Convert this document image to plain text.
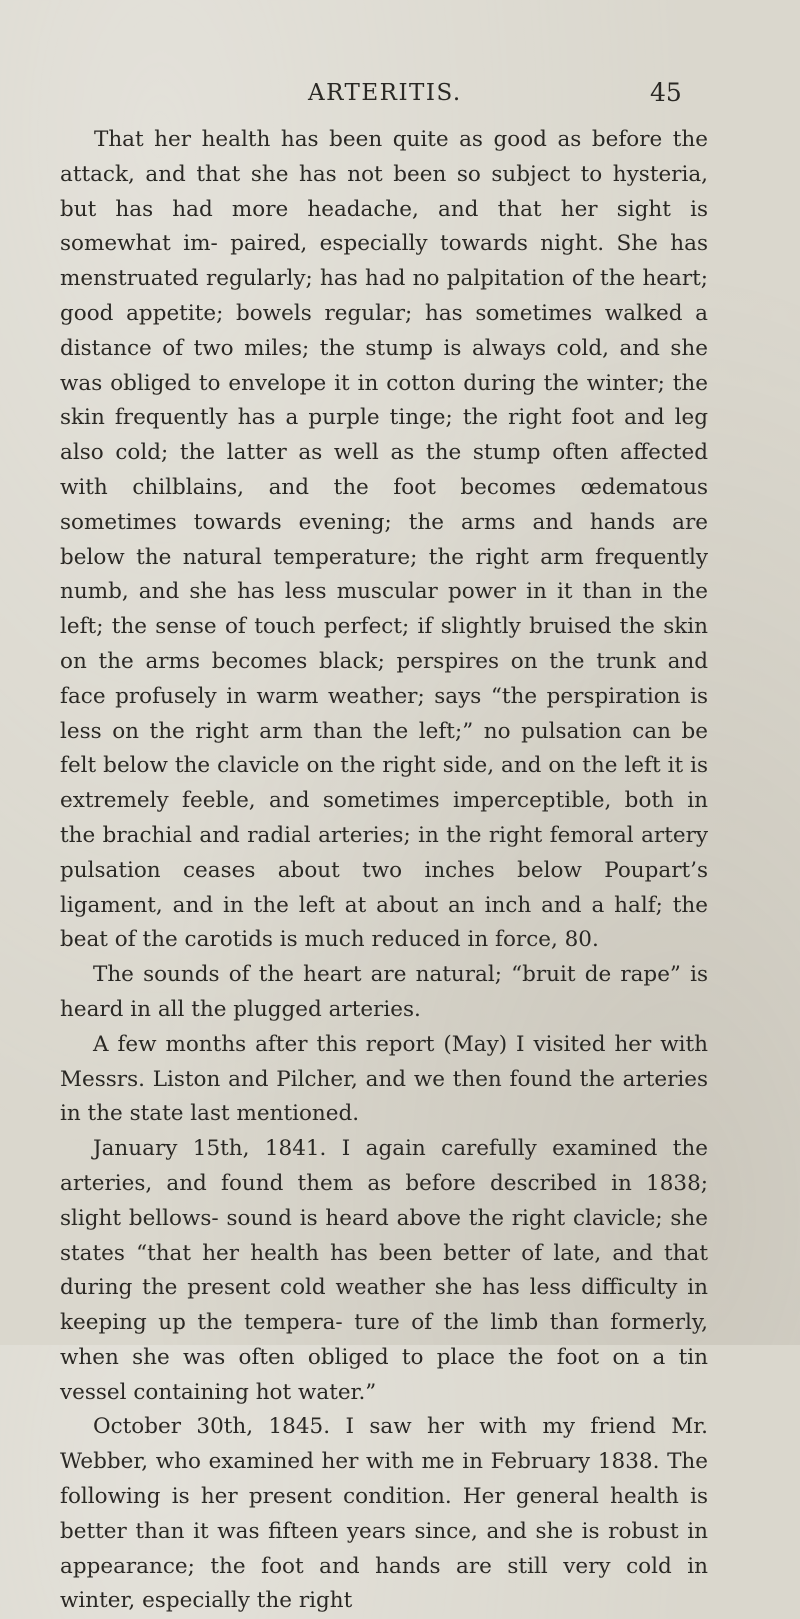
ARTERITIS.	45

That her health has been quite as good as before the attack, and that she has not been so subject to hysteria, but has had more headache, and that her sight is somewhat im- paired, especially towards night. She has menstruated regularly; has had no palpitation of the heart; good appetite; bowels regular; has sometimes walked a distance of two miles; the stump is always cold, and she was obliged to envelope it in cotton during the winter; the skin frequently has a purple tinge; the right foot and leg also cold; the latter as well as the stump often affected with chilblains, and the foot becomes œdematous sometimes towards evening; the arms and hands are below the natural temperature; the right arm frequently numb, and she has less muscular power in it than in the left; the sense of touch perfect; if slightly bruised the skin on the arms becomes black; perspires on the trunk and face profusely in warm weather; says “the perspiration is less on the right arm than the left;” no pulsation can be felt below the clavicle on the right side, and on the left it is extremely feeble, and sometimes imperceptible, both in the brachial and radial arteries; in the right femoral artery pulsation ceases about two inches below Poupart’s ligament, and in the left at about an inch and a half; the beat of the carotids is much reduced in force, 80.

The sounds of the heart are natural; “bruit de rape” is heard in all the plugged arteries.

A few months after this report (May) I visited her with Messrs. Liston and Pilcher, and we then found the arteries in the state last mentioned.

January 15th, 1841. I again carefully examined the arteries, and found them as before described in 1838; slight bellows- sound is heard above the right clavicle; she states “that her health has been better of late, and that during the present cold weather she has less difficulty in keeping up the tempera- ture of the limb than formerly, when she was often obliged to place the foot on a tin vessel containing hot water.”

October 30th, 1845. I saw her with my friend Mr. Webber, who examined her with me in February 1838. The following is her present condition. Her general health is better than it was fifteen years since, and she is robust in appearance; the foot and hands are still very cold in winter, especially the right
